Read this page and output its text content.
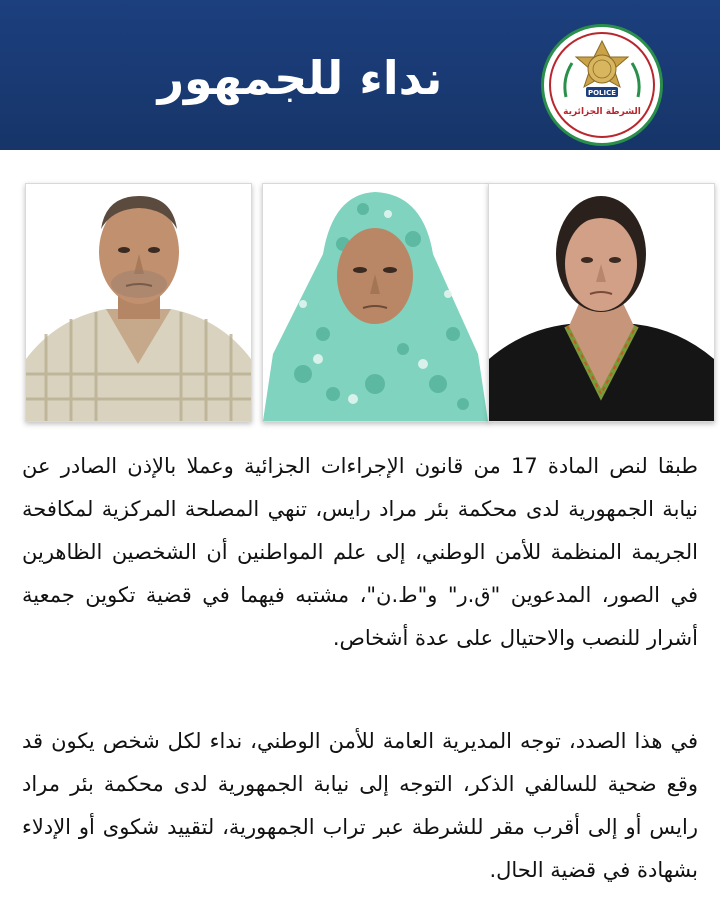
نداء للجمهور	POLICE
الشرطة الجزائرية
طبقا لنص المادة 17 من قانون الإجراءات الجزائية وعملا بالإذن الصادر عن نيابة الجمهورية لدى محكمة بئر مراد رايس، تنهي المصلحة المركزية لمكافحة الجريمة المنظمة للأمن الوطني، إلى علم المواطنين أن الشخصين الظاهرين في الصور، المدعوين "ق.ر" و"ط.ن"، مشتبه فيهما في قضية تكوين جمعية أشرار للنصب والاحتيال على عدة أشخاص.
في هذا الصدد، توجه المديرية العامة للأمن الوطني، نداء لكل شخص يكون قد وقع ضحية للسالفي الذكر، التوجه إلى نيابة الجمهورية لدى محكمة بئر مراد رايس أو إلى أقرب مقر للشرطة عبر تراب الجمهورية، لتقييد شكوى أو الإدلاء بشهادة في قضية الحال.
